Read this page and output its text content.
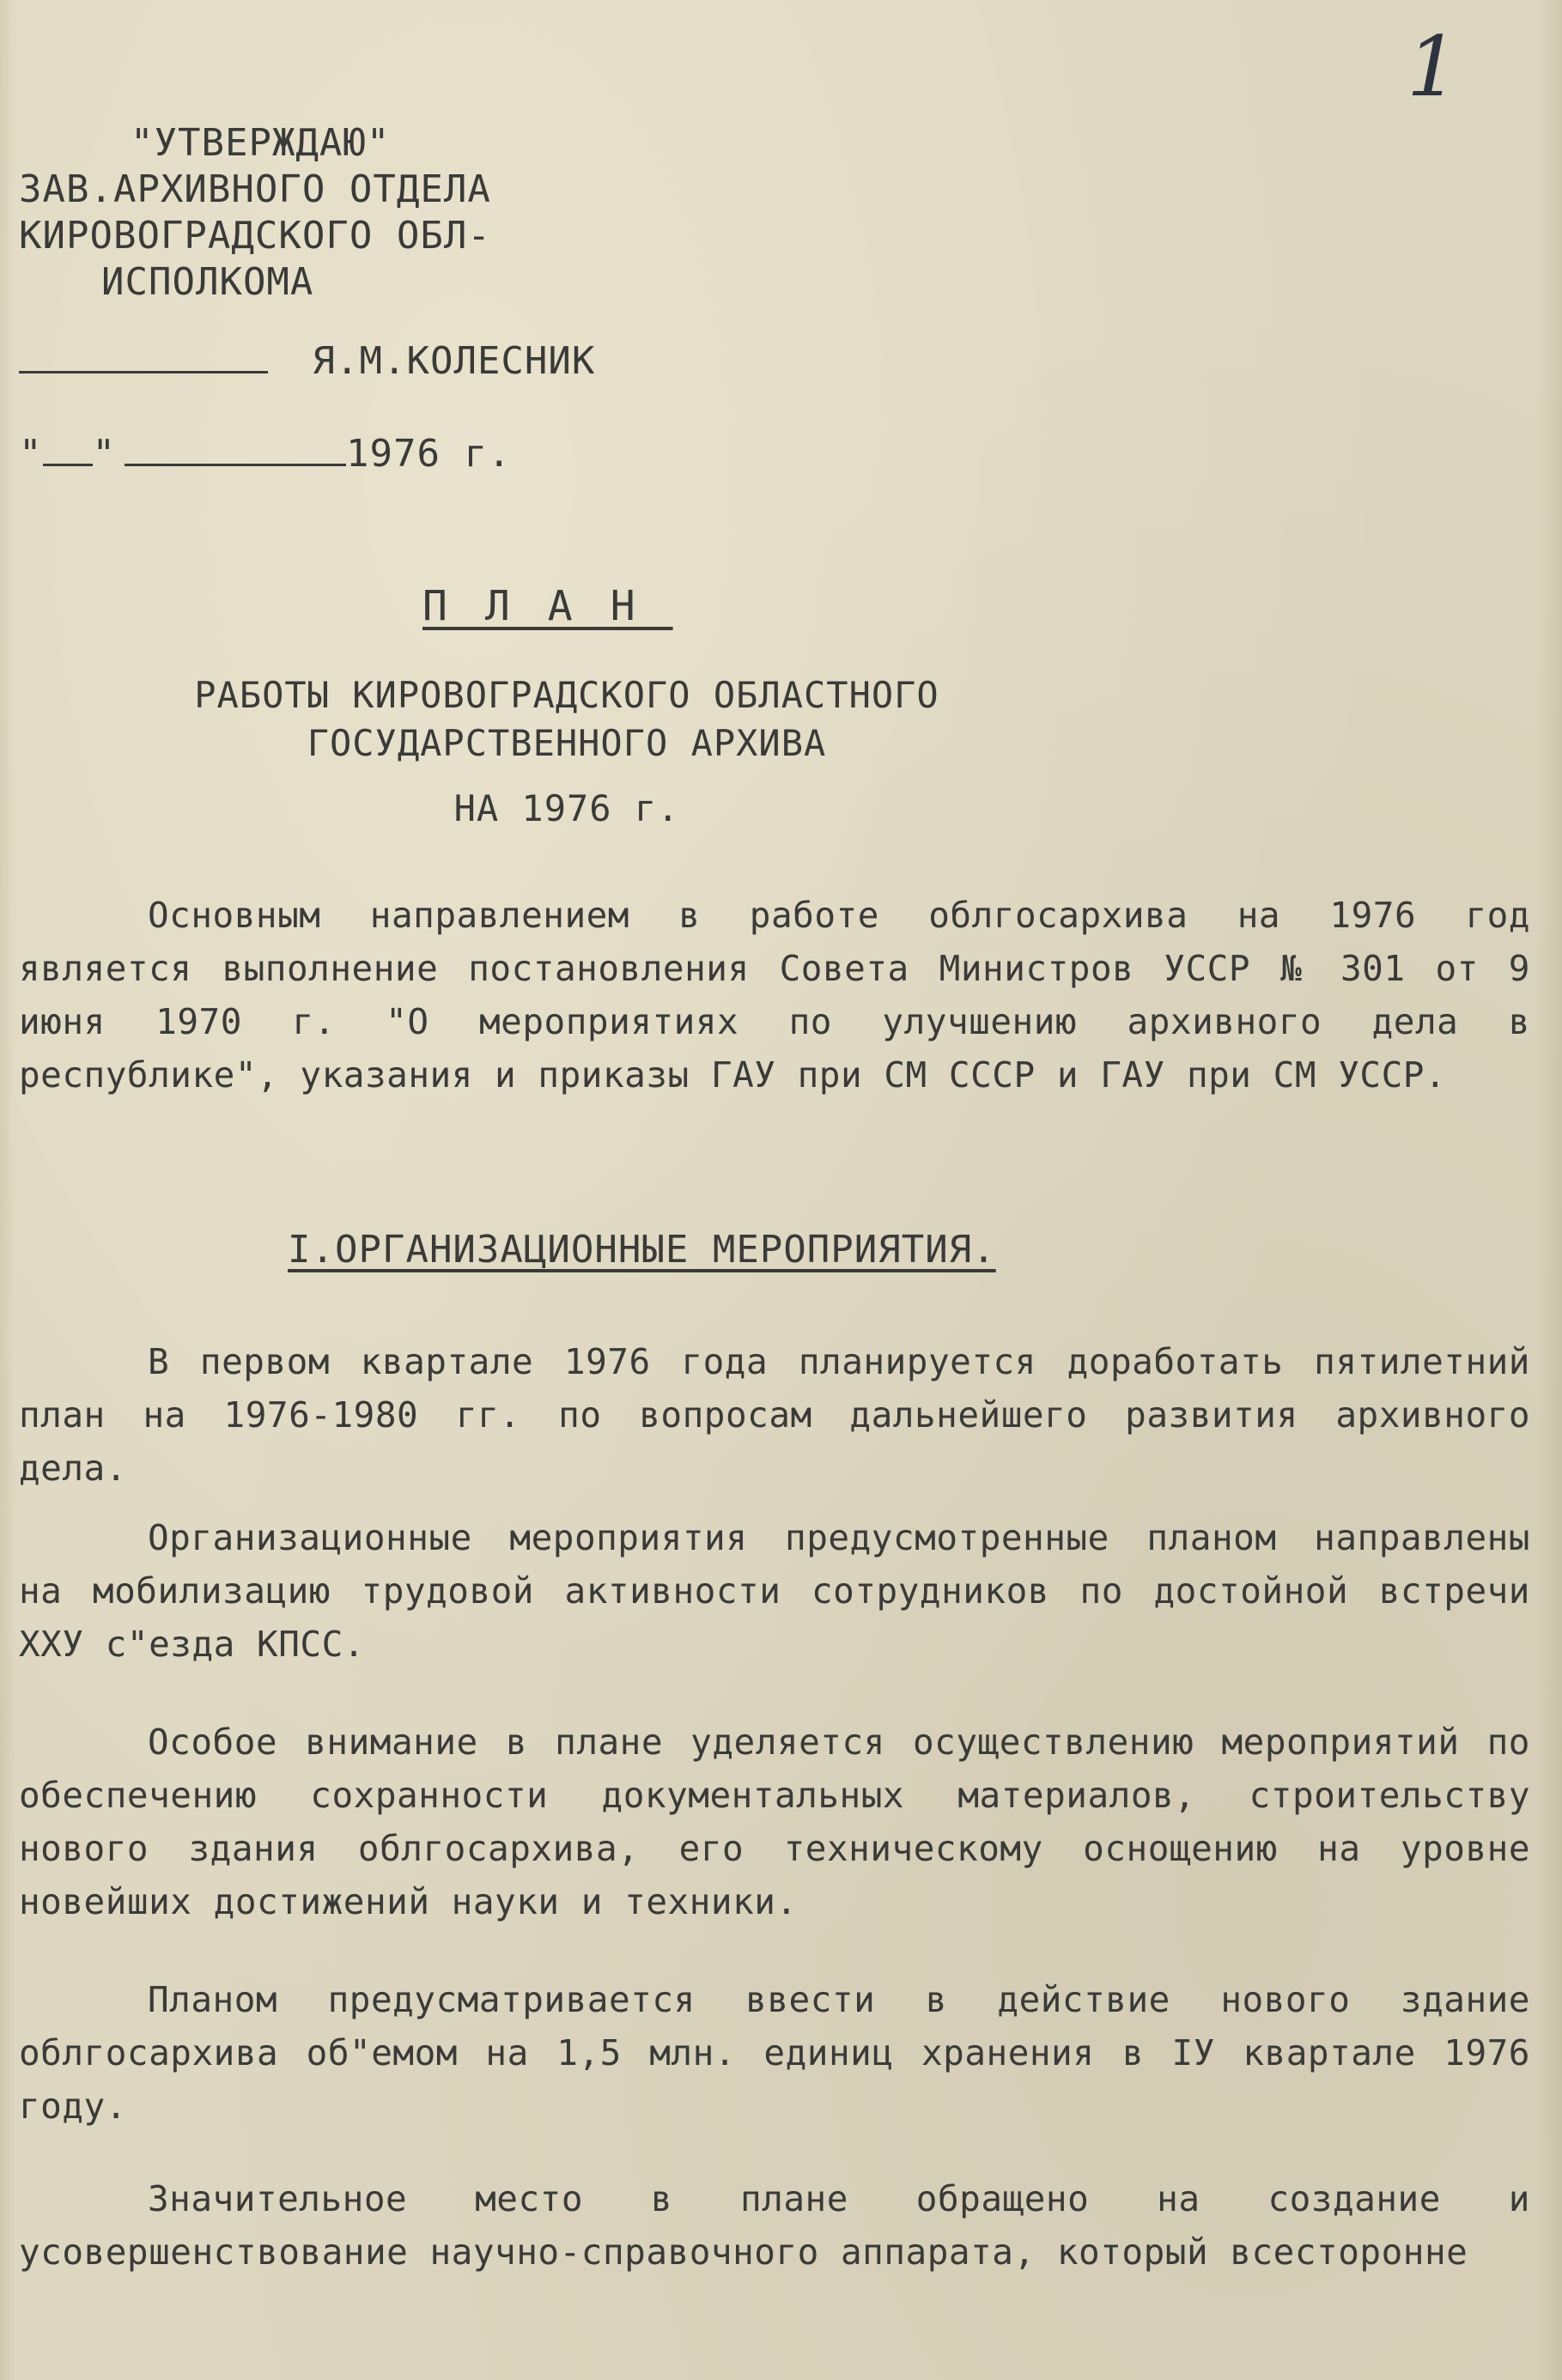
1
"УТВЕРЖДАЮ"
ЗАВ.АРХИВНОГО ОТДЕЛА
КИРОВОГРАДСКОГО ОБЛ-
ИСПОЛКОМА
Я.М.КОЛЕСНИК
" "	1976 г.
ПЛАН
РАБОТЫ КИРОВОГРАДСКОГО ОБЛАСТНОГО
ГОСУДАРСТВЕННОГО АРХИВА
НА 1976 г.

Основным направлением в работе облгосархива на 1976 год является выполнение постановления Совета Министров УССР № 301 от 9 июня 1970 г. "О мероприятиях по улучшению архивного дела в республике", указания и приказы ГАУ при СМ СССР и ГАУ при СМ УССР.

I.ОРГАНИЗАЦИОННЫЕ МЕРОПРИЯТИЯ.

В первом квартале 1976 года планируется доработать пятилетний план на 1976-1980 гг. по вопросам дальнейшего развития архивного дела.

Организационные мероприятия предусмотренные планом направлены на мобилизацию трудовой активности сотрудников по достойной встречи ХХУ с"езда КПСС.

Особое внимание в плане уделяется осуществлению мероприятий по обеспечению сохранности документальных материалов, строительству нового здания облгосархива, его техническому оснощению на уровне новейших достижений науки и техники.

Планом предусматривается ввести в действие нового здание облгосархива об"емом на 1,5 млн. единиц хранения в IУ квартале 1976 году.

Значительное место в плане обращено на создание и усовершенствование научно-справочного аппарата, который всесторонне
